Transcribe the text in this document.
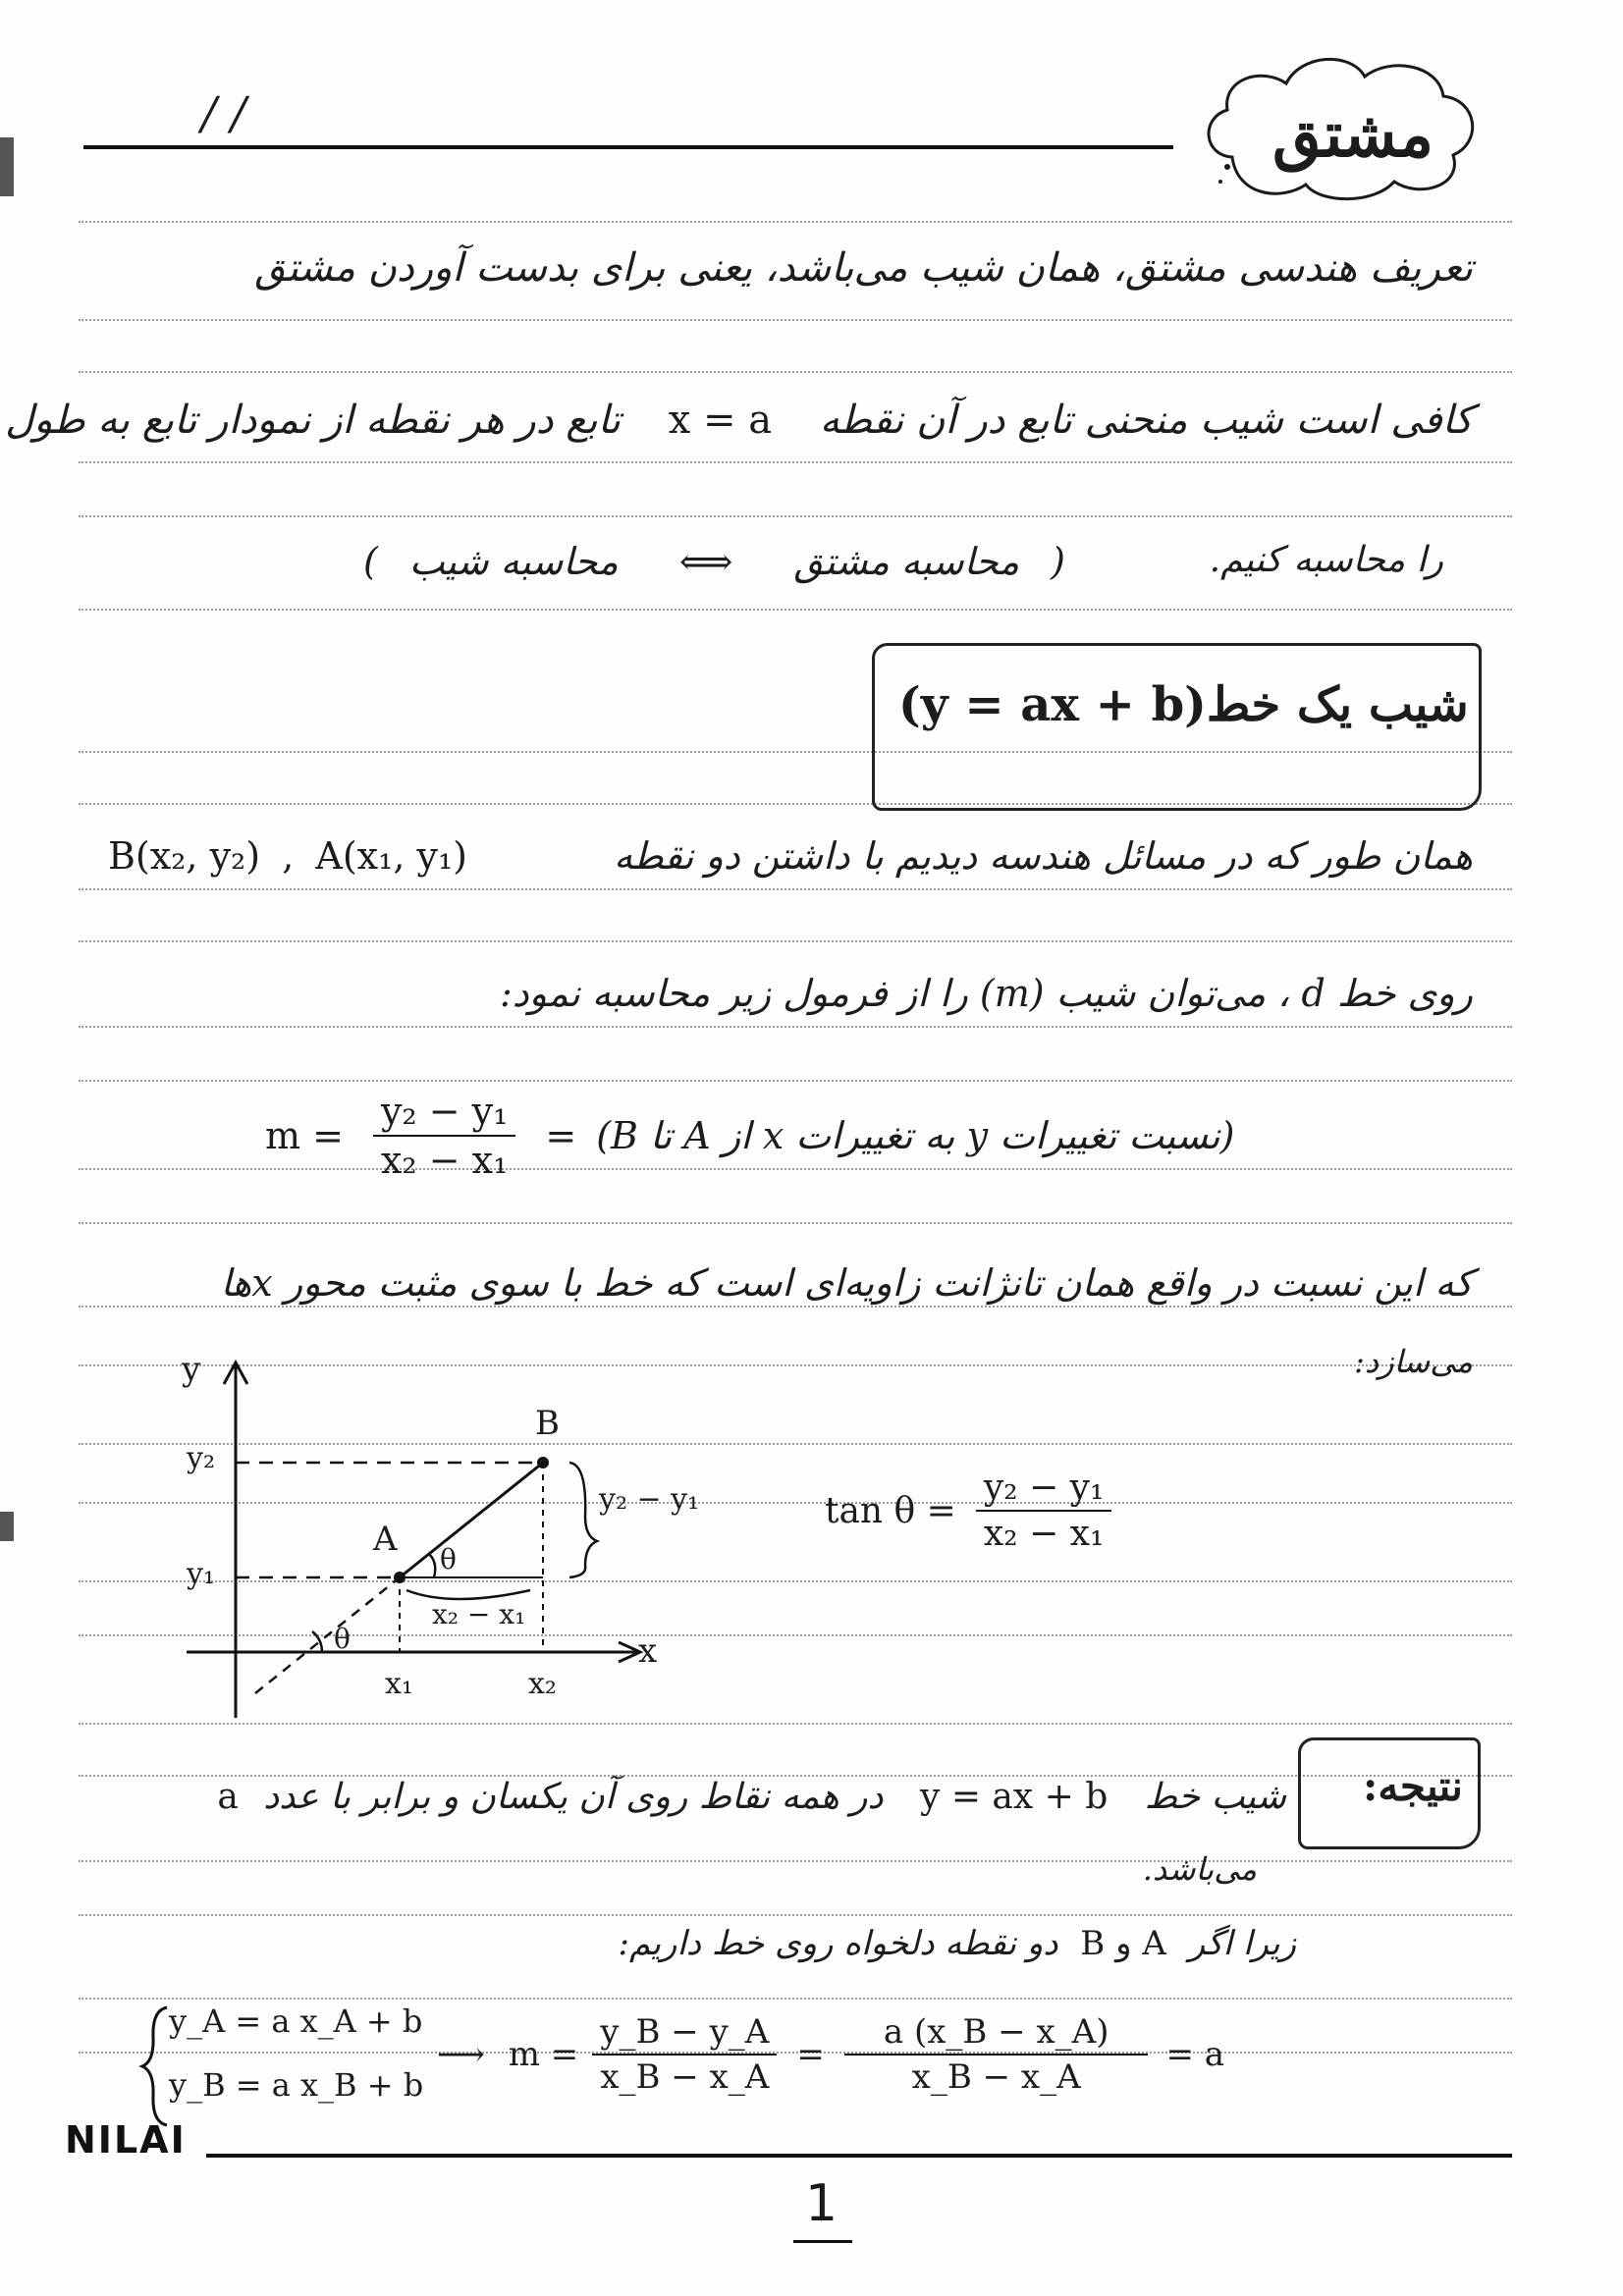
/ /	مشتق
تعریف هندسی مشتق، همان شیب می‌باشد، یعنی برای بدست آوردن مشتق
کافی است شیب منحنی تابع در آن نقطه x = a تابع در هر نقطه از نمودار تابع به طول
را محاسبه کنیم.
( محاسبه شیب ⟺ محاسبه مشتق )
(y = ax + b) شیب یک خط
همان طور که در مسائل هندسه دیدیم با داشتن دو نقطه
B(x₂, y₂) , A(x₁, y₁)
روی خط d ، می‌توان شیب (m) را از فرمول زیر محاسبه نمود:
$m = \frac{\text{y₂ − y₁}}{\text{x₂ − x₁}}$ = (نسبت تغییرات y به تغییرات x از A تا B)
که این نسبت در واقع همان تانژانت زاویه‌ای است که خط با سوی مثبت محور xها
می‌سازد:
y
x
B
A
y₂
y₁
x₁	x₂
θ
θ
y₂ − y₁
x₂ − x₁
$\tan \theta = \frac{\text{y₂ − y₁}}{\text{x₂ − x₁}}$
نتیجه:
شیب خط y = ax + b در همه نقاط روی آن یکسان و برابر با عدد a
می‌باشد.
زیرا اگر A و B دو نقطه دلخواه روی خط داریم:
y_A = a x_A + b
y_B = a x_B + b
⟶ $m = \frac{y\_B - y\_A}{x\_B - x\_A} = \frac{a (x\_B - x\_A)}{x\_B - x\_A} = a$
NILAI
1
